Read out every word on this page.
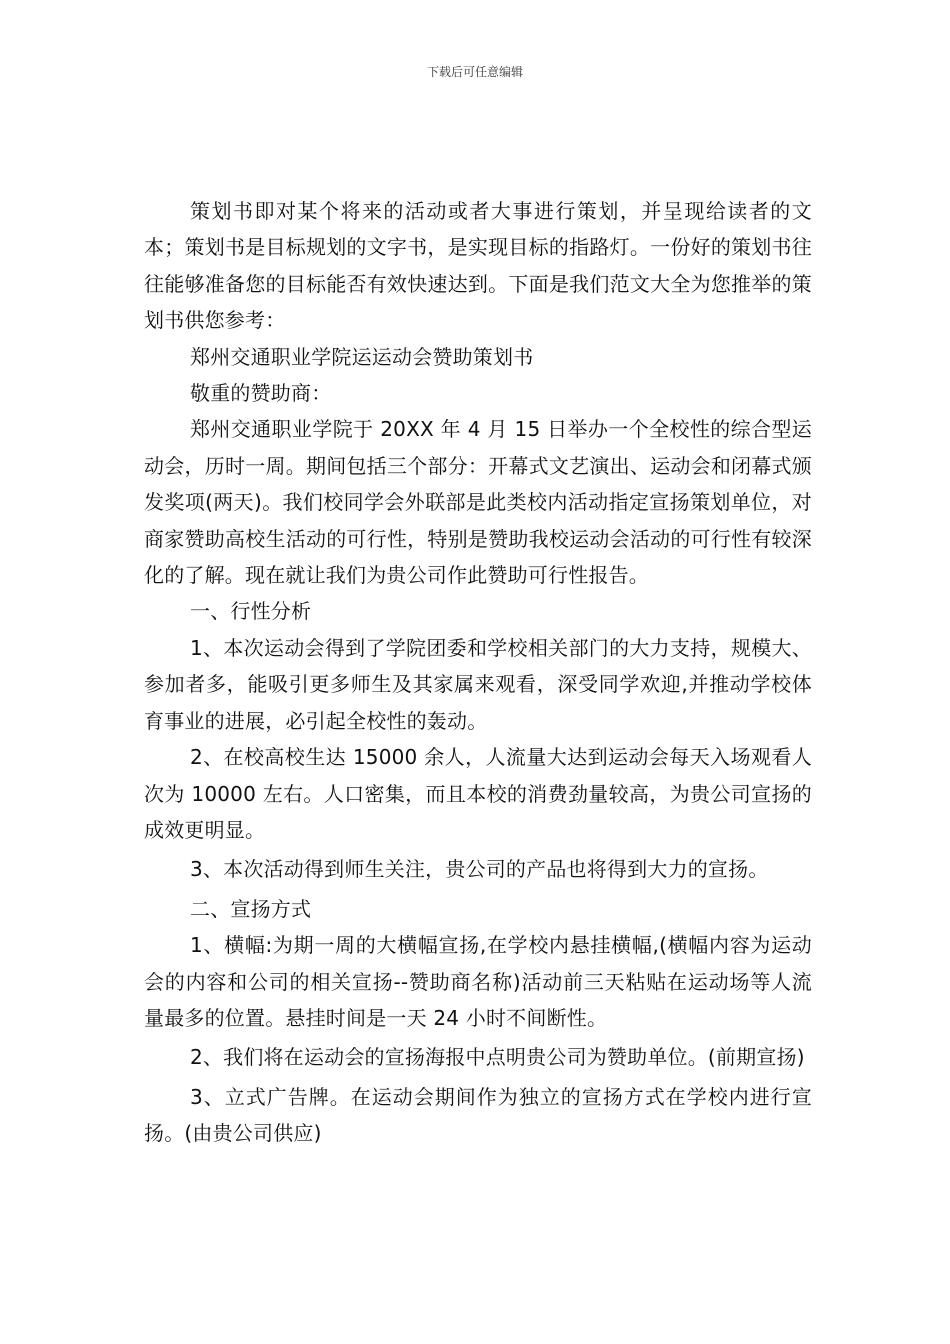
下载后可任意编辑

策划书即对某个将来的活动或者大事进行策划，并呈现给读者的文本；策划书是目标规划的文字书，是实现目标的指路灯。一份好的策划书往往能够准备您的目标能否有效快速达到。下面是我们范文大全为您推举的策划书供您参考：

郑州交通职业学院运运动会赞助策划书

敬重的赞助商：

郑州交通职业学院于 20XX 年 4 月 15 日举办一个全校性的综合型运动会，历时一周。期间包括三个部分：开幕式文艺演出、运动会和闭幕式颁发奖项(两天)。我们校同学会外联部是此类校内活动指定宣扬策划单位，对商家赞助高校生活动的可行性，特别是赞助我校运动会活动的可行性有较深化的了解。现在就让我们为贵公司作此赞助可行性报告。

一、行性分析

1、本次运动会得到了学院团委和学校相关部门的大力支持，规模大、参加者多，能吸引更多师生及其家属来观看，深受同学欢迎,并推动学校体育事业的进展，必引起全校性的轰动。

2、在校高校生达 15000 余人，人流量大达到运动会每天入场观看人次为 10000 左右。人口密集，而且本校的消费劲量较高，为贵公司宣扬的成效更明显。

3、本次活动得到师生关注，贵公司的产品也将得到大力的宣扬。

二、宣扬方式

1、横幅:为期一周的大横幅宣扬,在学校内悬挂横幅,(横幅内容为运动会的内容和公司的相关宣扬--赞助商名称)活动前三天粘贴在运动场等人流量最多的位置。悬挂时间是一天 24 小时不间断性。

2、我们将在运动会的宣扬海报中点明贵公司为赞助单位。(前期宣扬)

3、立式广告牌。在运动会期间作为独立的宣扬方式在学校内进行宣扬。(由贵公司供应)
